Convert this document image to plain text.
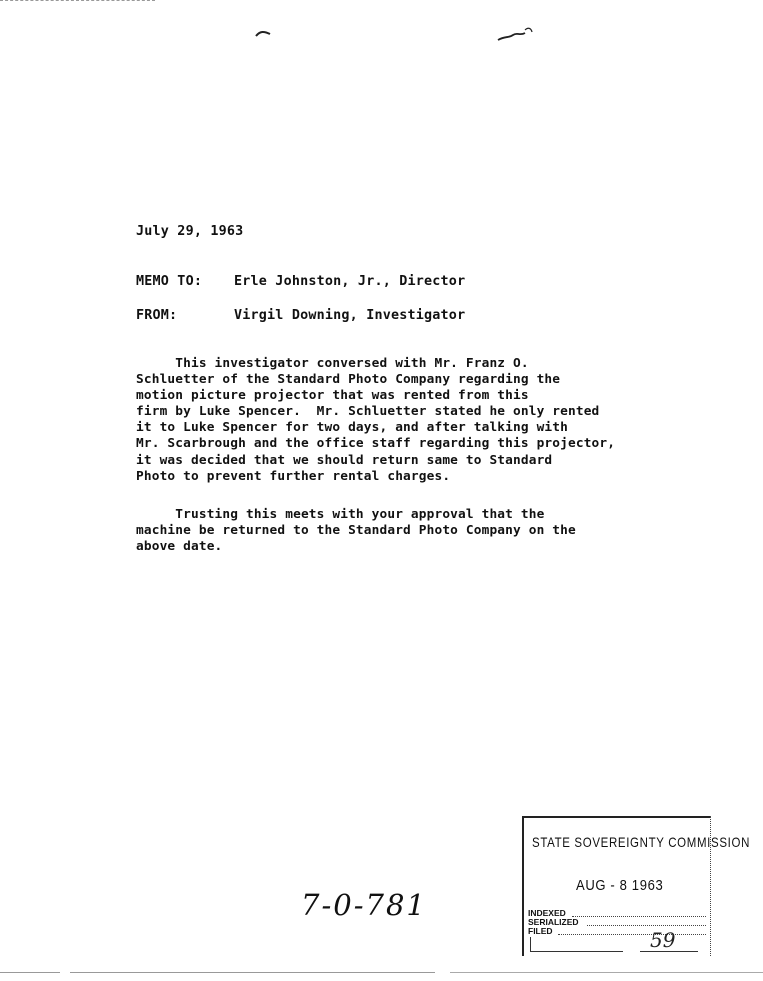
July 29, 1963
MEMO TO: Erle Johnston, Jr., Director
FROM:	Virgil Downing, Investigator
This investigator conversed with Mr. Franz O.
Schluetter of the Standard Photo Company regarding the
motion picture projector that was rented from this
firm by Luke Spencer.  Mr. Schluetter stated he only rented
it to Luke Spencer for two days, and after talking with
Mr. Scarbrough and the office staff regarding this projector,
it was decided that we should return same to Standard
Photo to prevent further rental charges.
Trusting this meets with your approval that the
machine be returned to the Standard Photo Company on the
above date.
7-0-781
STATE SOVEREIGNTY COMMISSION
AUG - 8 1963
INDEXED
SERIALIZED
FILED	59
